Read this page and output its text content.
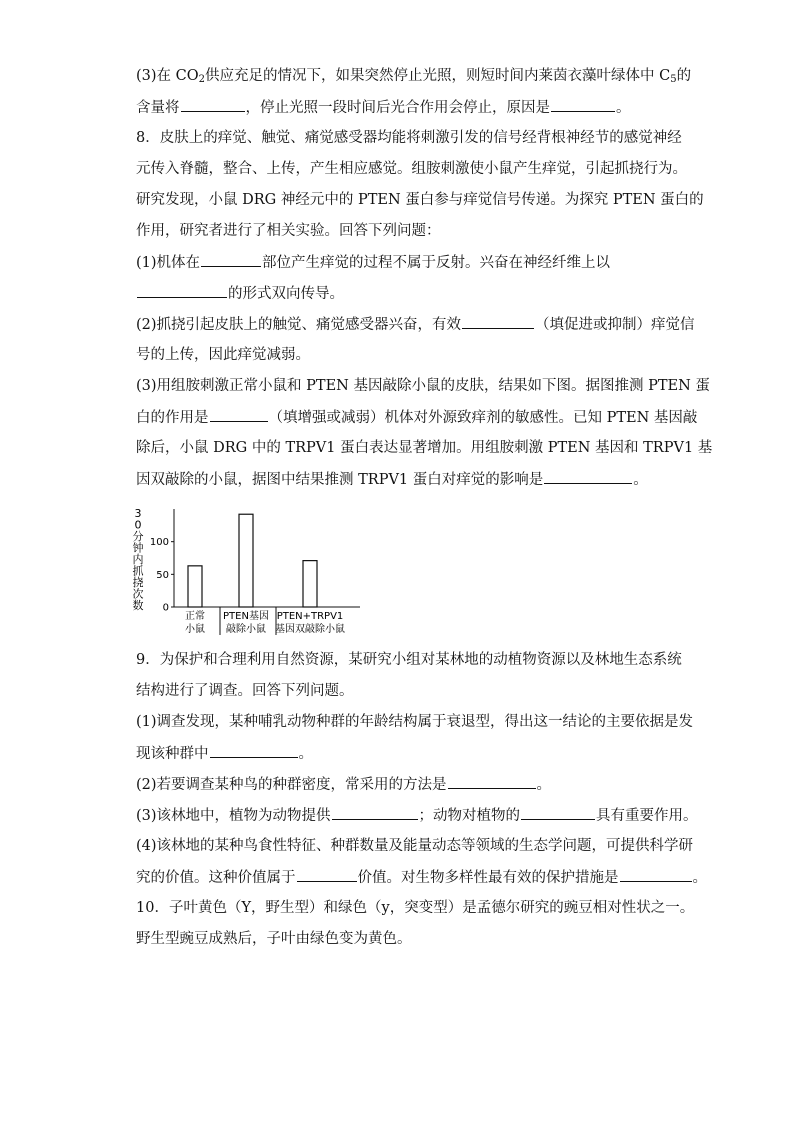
(3)在 $CO_2$供应充足的情况下，如果突然停止光照，则短时间内莱茵衣藻叶绿体中 $C_5$的
含量将	，停止光照一段时间后光合作用会停止，原因是	。
8．皮肤上的痒觉、触觉、痛觉感受器均能将刺激引发的信号经背根神经节的感觉神经
元传入脊髓，整合、上传，产生相应感觉。组胺刺激使小鼠产生痒觉，引起抓挠行为。
研究发现，小鼠 DRG 神经元中的 PTEN 蛋白参与痒觉信号传递。为探究 PTEN 蛋白的
作用，研究者进行了相关实验。回答下列问题：
(1)机体在	部位产生痒觉的过程不属于反射。兴奋在神经纤维上以
的形式双向传导。
(2)抓挠引起皮肤上的触觉、痛觉感受器兴奋，有效	（填促进或抑制）痒觉信
号的上传，因此痒觉减弱。
(3)用组胺刺激正常小鼠和 PTEN 基因敲除小鼠的皮肤，结果如下图。据图推测 PTEN 蛋
白的作用是	（填增强或减弱）机体对外源致痒剂的敏感性。已知 PTEN 基因敲
除后，小鼠 DRG 中的 TRPV1 蛋白表达显著增加。用组胺刺激 PTEN 基因和 TRPV1 基
因双敲除的小鼠，据图中结果推测 TRPV1 蛋白对痒觉的影响是	。
3
0
分
钟
内
抓
挠
次
数 0
50
100
正常
小鼠
PTEN基因
敲除小鼠
PTEN+TRPV1
基因双敲除小鼠
9．为保护和合理利用自然资源，某研究小组对某林地的动植物资源以及林地生态系统
结构进行了调查。回答下列问题。
(1)调查发现，某种哺乳动物种群的年龄结构属于衰退型，得出这一结论的主要依据是发
现该种群中	。
(2)若要调查某种鸟的种群密度，常采用的方法是	。
(3)该林地中，植物为动物提供	；动物对植物的	具有重要作用。
(4)该林地的某种鸟食性特征、种群数量及能量动态等领域的生态学问题，可提供科学研
究的价值。这种价值属于	价值。对生物多样性最有效的保护措施是	。
10．子叶黄色（Y，野生型）和绿色（y，突变型）是孟德尔研究的豌豆相对性状之一。
野生型豌豆成熟后，子叶由绿色变为黄色。
